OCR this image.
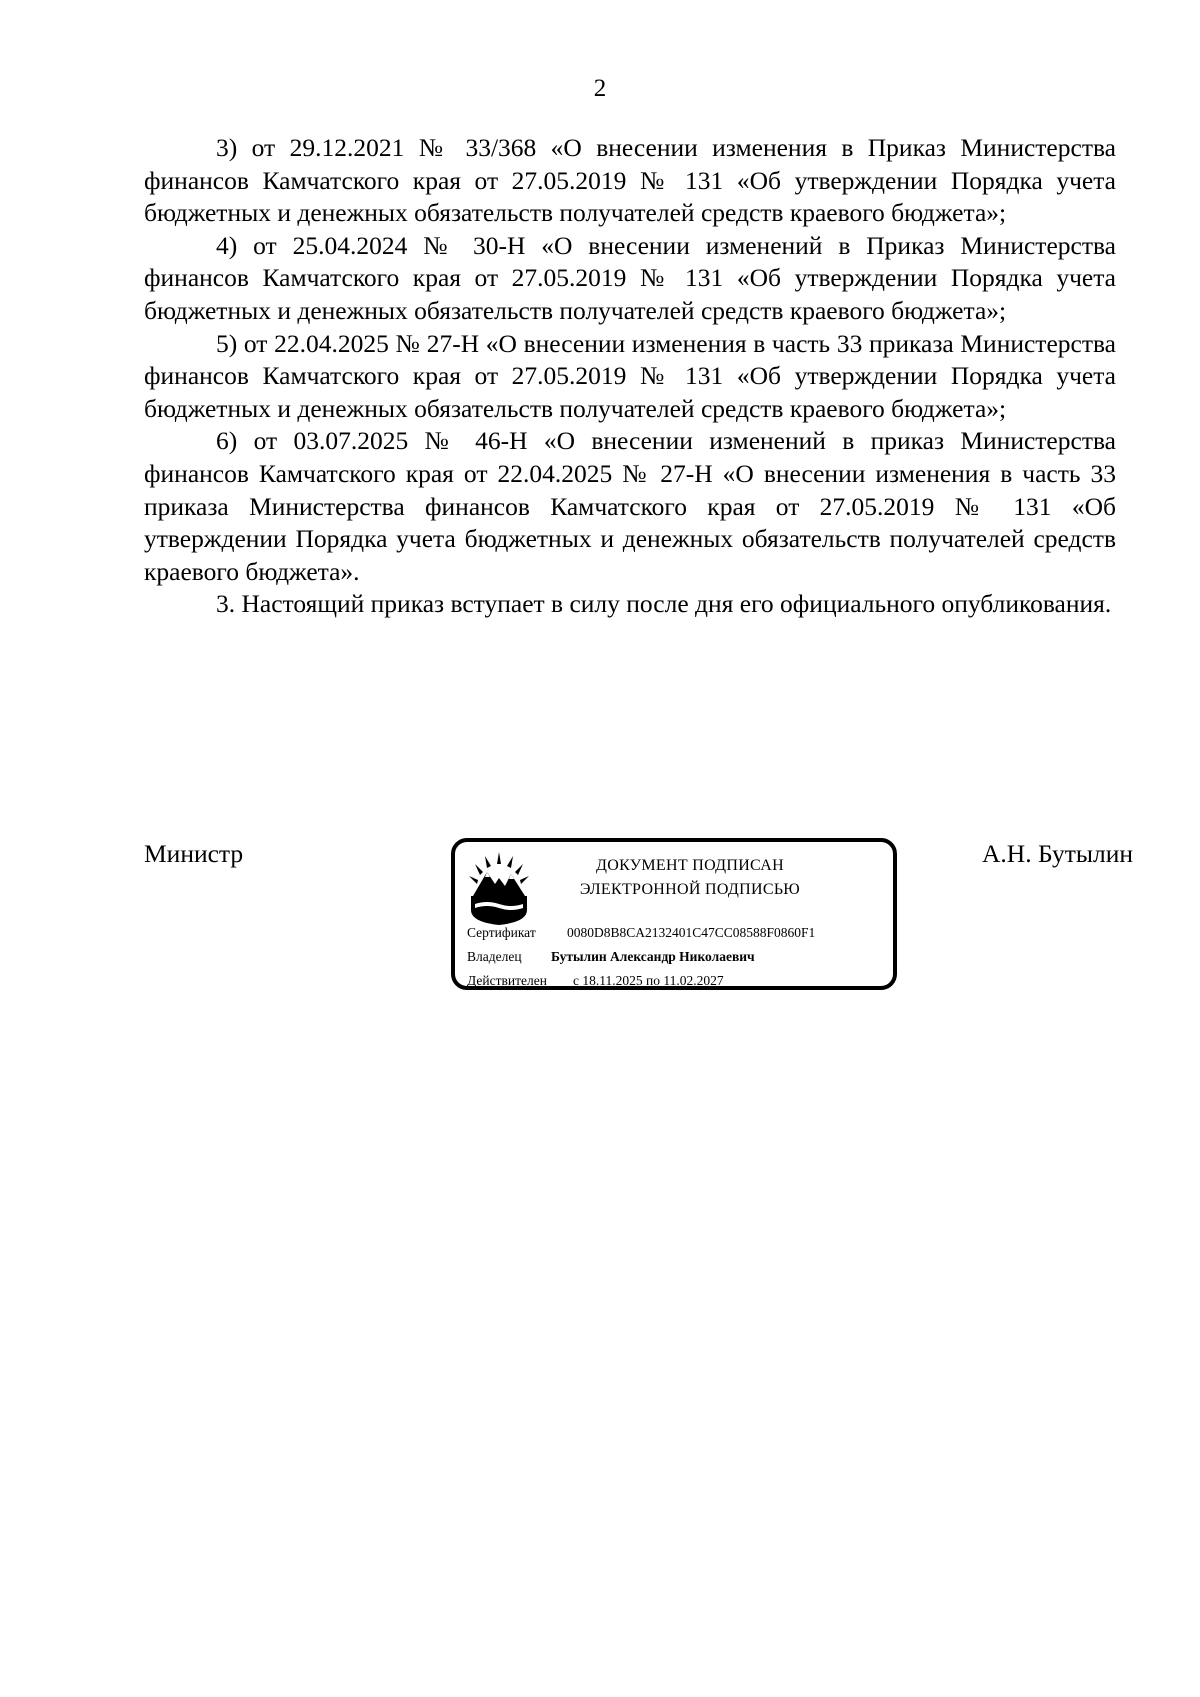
2

3) от 29.12.2021 № 33/368 «О внесении изменения в Приказ Министерства финансов Камчатского края от 27.05.2019 № 131 «Об утверждении Порядка учета бюджетных и денежных обязательств получателей средств краевого бюджета»;

4) от 25.04.2024 № 30-Н «О внесении изменений в Приказ Министерства финансов Камчатского края от 27.05.2019 № 131 «Об утверждении Порядка учета бюджетных и денежных обязательств получателей средств краевого бюджета»;

5) от 22.04.2025 № 27-Н «О внесении изменения в часть 33 приказа Министерства финансов Камчатского края от 27.05.2019 № 131 «Об утверждении Порядка учета бюджетных и денежных обязательств получателей средств краевого бюджета»;

6) от 03.07.2025 № 46-Н «О внесении изменений в приказ Министерства финансов Камчатского края от 22.04.2025 № 27-Н «О внесении изменения в часть 33 приказа Министерства финансов Камчатского края от 27.05.2019 № 131 «Об утверждении Порядка учета бюджетных и денежных обязательств получателей средств краевого бюджета».

3. Настоящий приказ вступает в силу после дня его официального опубликования.

Министр	ДОКУМЕНТ ПОДПИСАН
ЭЛЕКТРОННОЙ ПОДПИСЬЮ
Сертификат 0080D8B8CA2132401C47CC08588F0860F1
Владелец Бутылин Александр Николаевич
Действителен с 18.11.2025 по 11.02.2027
А.Н. Бутылин
